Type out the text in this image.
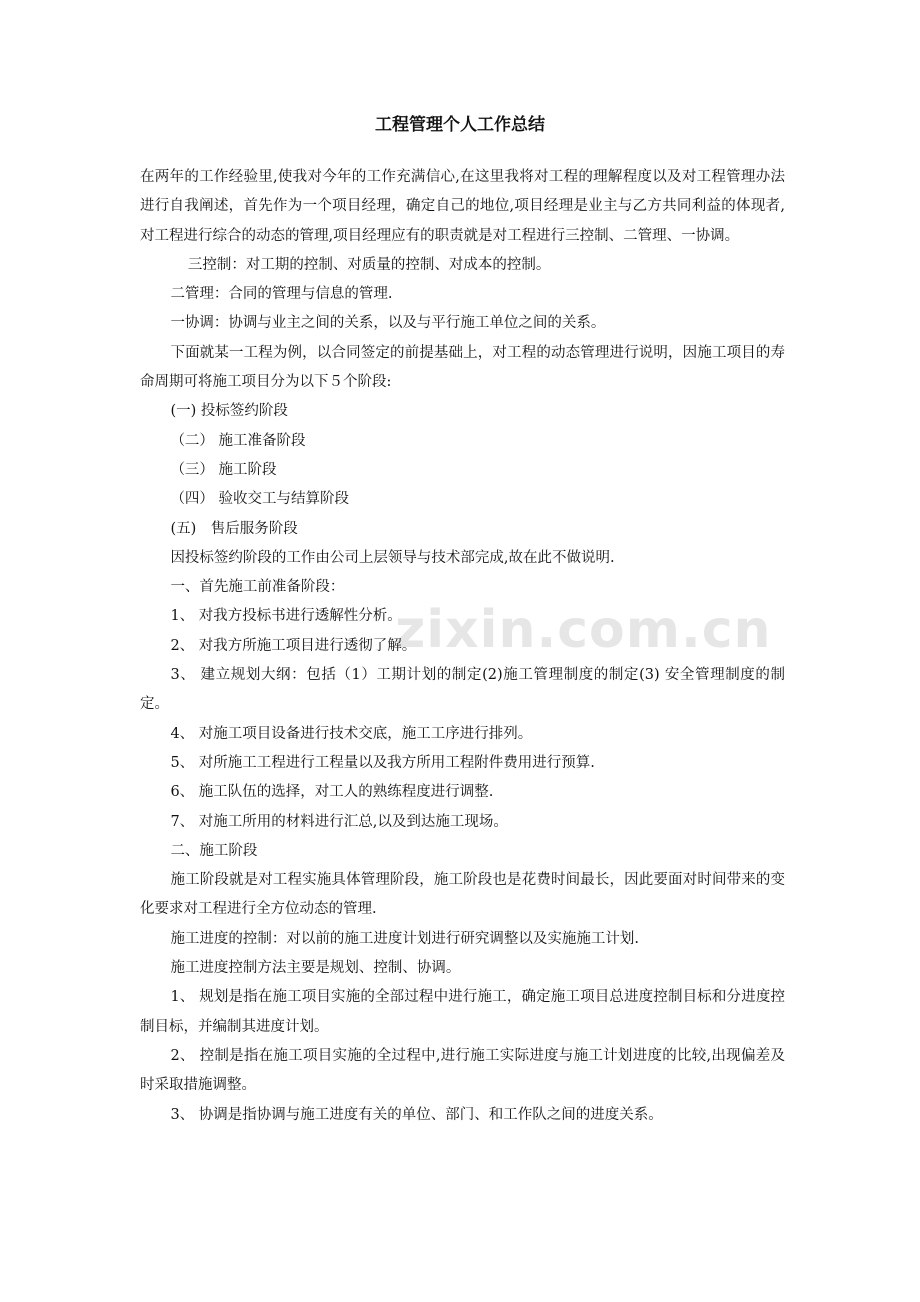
zixin.com.cn
工程管理个人工作总结

在两年的工作经验里,使我对今年的工作充满信心,在这里我将对工程的理解程度以及对工程管理办法进行自我阐述，首先作为一个项目经理，确定自己的地位,项目经理是业主与乙方共同利益的体现者,对工程进行综合的动态的管理,项目经理应有的职责就是对工程进行三控制、二管理、一协调。

三控制：对工期的控制、对质量的控制、对成本的控制。

二管理：合同的管理与信息的管理.

一协调：协调与业主之间的关系，以及与平行施工单位之间的关系。

下面就某一工程为例，以合同签定的前提基础上，对工程的动态管理进行说明，因施工项目的寿命周期可将施工项目分为以下５个阶段:

(一) 投标签约阶段

（二） 施工准备阶段

（三） 施工阶段

（四） 验收交工与结算阶段

(五)　售后服务阶段

因投标签约阶段的工作由公司上层领导与技术部完成,故在此不做说明.

一、首先施工前准备阶段：

1、 对我方投标书进行透解性分析。

2、 对我方所施工项目进行透彻了解。

3、 建立规划大纲：包括（1）工期计划的制定(2)施工管理制度的制定(3) 安全管理制度的制定。

4、 对施工项目设备进行技术交底，施工工序进行排列。

5、 对所施工工程进行工程量以及我方所用工程附件费用进行预算.

6、 施工队伍的选择，对工人的熟练程度进行调整.

7、 对施工所用的材料进行汇总,以及到达施工现场。

二、施工阶段

施工阶段就是对工程实施具体管理阶段，施工阶段也是花费时间最长，因此要面对时间带来的变化要求对工程进行全方位动态的管理.

施工进度的控制：对以前的施工进度计划进行研究调整以及实施施工计划.

施工进度控制方法主要是规划、控制、协调。

1、 规划是指在施工项目实施的全部过程中进行施工，确定施工项目总进度控制目标和分进度控制目标，并编制其进度计划。

2、 控制是指在施工项目实施的全过程中,进行施工实际进度与施工计划进度的比较,出现偏差及时采取措施调整。

3、 协调是指协调与施工进度有关的单位、部门、和工作队之间的进度关系。
